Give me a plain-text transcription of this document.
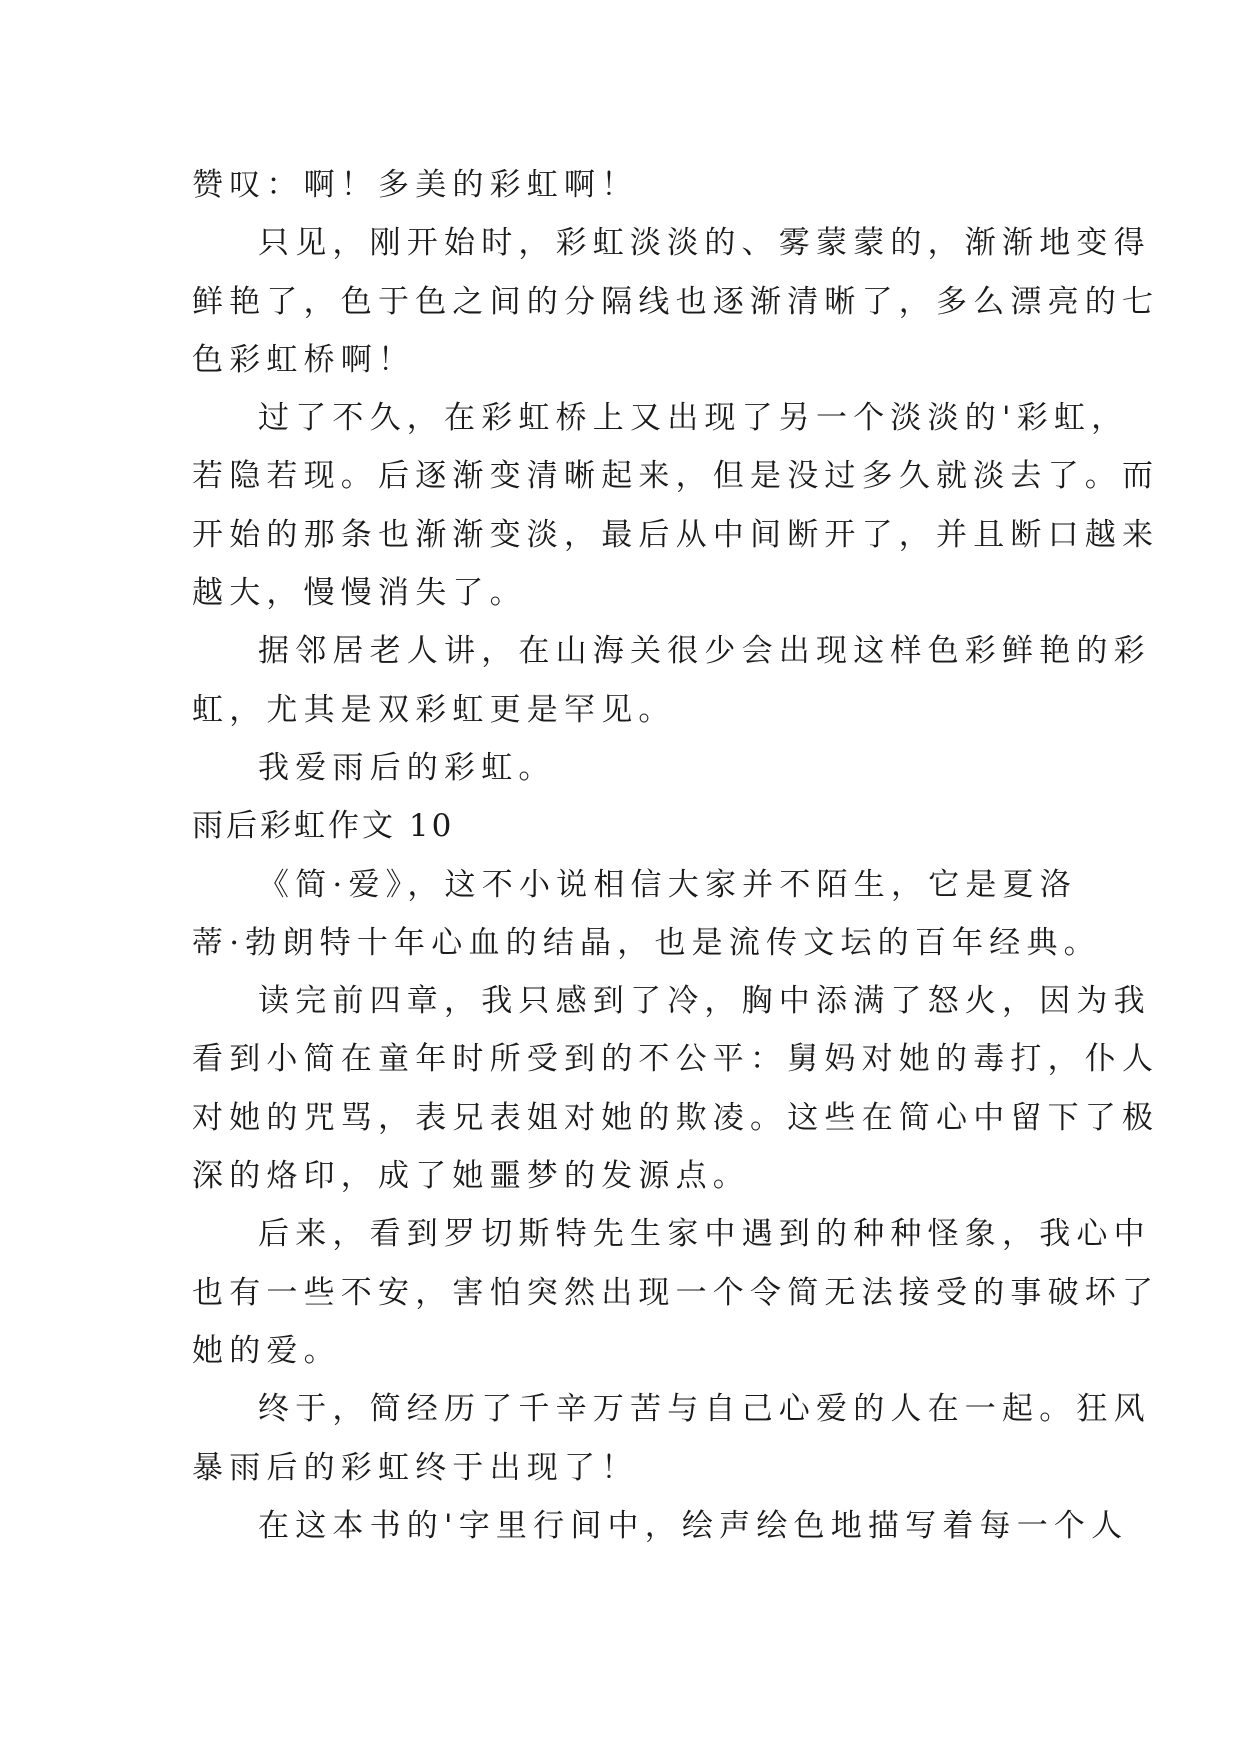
赞叹：啊！多美的彩虹啊！

只见，刚开始时，彩虹淡淡的、雾蒙蒙的，渐渐地变得

鲜艳了，色于色之间的分隔线也逐渐清晰了，多么漂亮的七

色彩虹桥啊！

过了不久，在彩虹桥上又出现了另一个淡淡的'彩虹，

若隐若现。后逐渐变清晰起来，但是没过多久就淡去了。而

开始的那条也渐渐变淡，最后从中间断开了，并且断口越来

越大，慢慢消失了。

据邻居老人讲，在山海关很少会出现这样色彩鲜艳的彩

虹，尤其是双彩虹更是罕见。

我爱雨后的彩虹。

雨后彩虹作文 10

《简·爱》，这不小说相信大家并不陌生，它是夏洛

蒂·勃朗特十年心血的结晶，也是流传文坛的百年经典。

读完前四章，我只感到了冷，胸中添满了怒火，因为我

看到小简在童年时所受到的不公平：舅妈对她的毒打，仆人

对她的咒骂，表兄表姐对她的欺凌。这些在简心中留下了极

深的烙印，成了她噩梦的发源点。

后来，看到罗切斯特先生家中遇到的种种怪象，我心中

也有一些不安，害怕突然出现一个令简无法接受的事破坏了

她的爱。

终于，简经历了千辛万苦与自己心爱的人在一起。狂风

暴雨后的彩虹终于出现了！

在这本书的'字里行间中，绘声绘色地描写着每一个人
